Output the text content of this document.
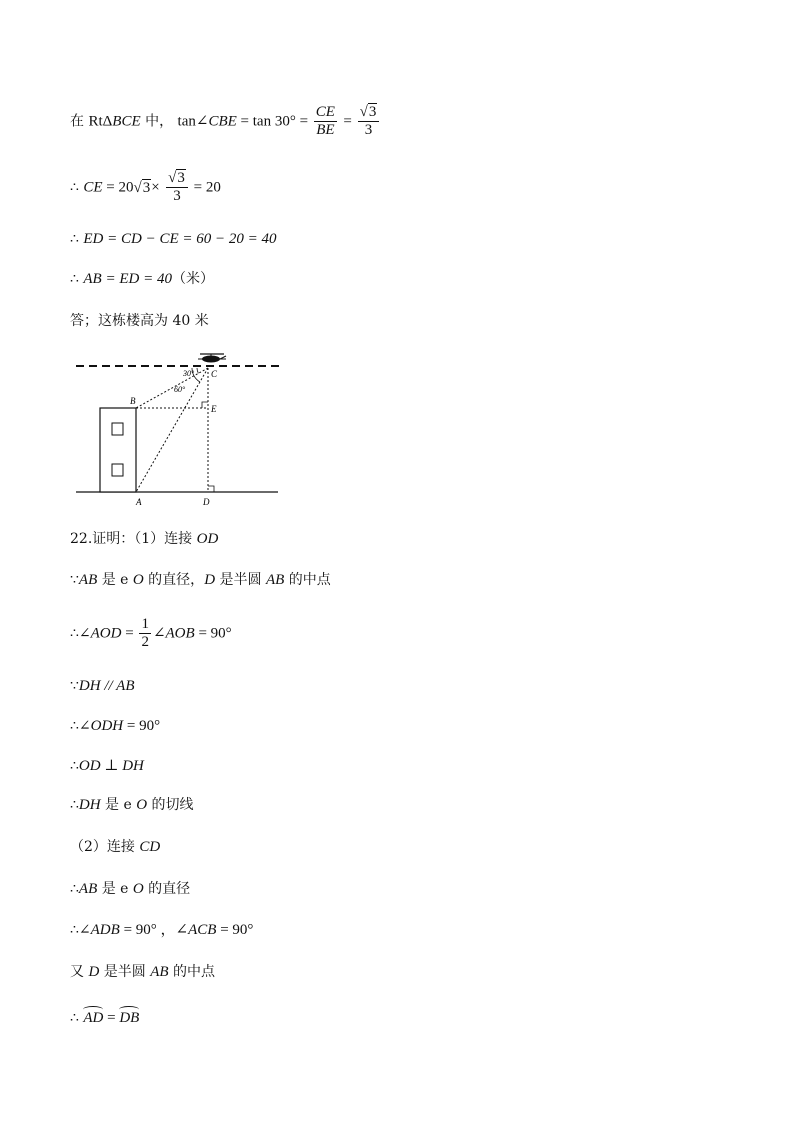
在 RtΔBCE 中， tan∠CBE = $\tan 30^\circ = \frac{CE}{BE} = \frac{√3}{3}$
∴ CE = $20√3\times \frac{√3}{3} = 20$
∴ ED = CD − CE = 60 − 20 = 40
∴ AB = ED = 40（米）
答；这栋楼高为 40 米
30°
60°
C
B
E
A	D
22.证明：（1）连接 OD
∵AB 是 e O 的直径，D 是半圆 AB 的中点
∴∠AOD = $\frac{1}{2}$ ∠AOB = 90°
∵DH // AB
∴∠ODH = 90°
∴OD ⊥ DH
∴DH 是 e O 的切线
（2）连接 CD
∴AB 是 e O 的直径
∴∠ADB = 90° ，∠ACB = 90°
又 D 是半圆 AB 的中点
∴ AD = DB
